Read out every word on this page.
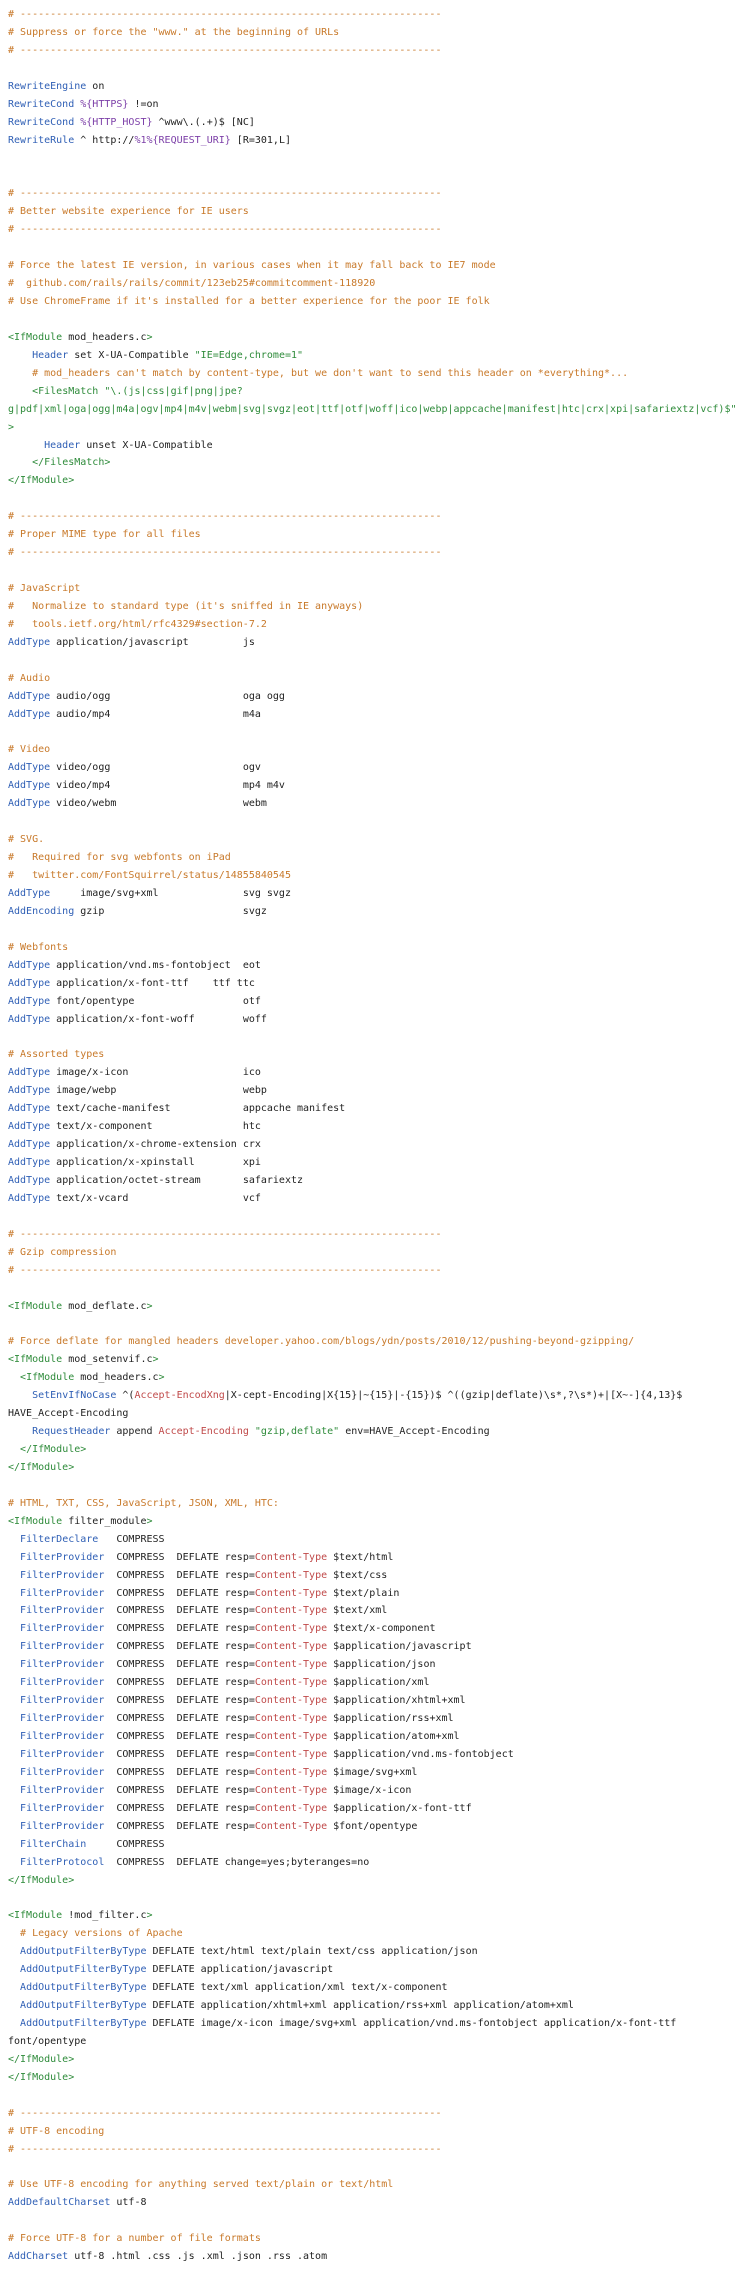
# ----------------------------------------------------------------------
# Suppress or force the "www." at the beginning of URLs
# ----------------------------------------------------------------------

RewriteEngine on
RewriteCond %{HTTPS} !=on
RewriteCond %{HTTP_HOST} ^www\.(.+)$ [NC]
RewriteRule ^ http://%1%{REQUEST_URI} [R=301,L]

# ----------------------------------------------------------------------
# Better website experience for IE users
# ----------------------------------------------------------------------

# Force the latest IE version, in various cases when it may fall back to IE7 mode
#  github.com/rails/rails/commit/123eb25#commitcomment-118920
# Use ChromeFrame if it's installed for a better experience for the poor IE folk

<IfModule mod_headers.c>
Header set X-UA-Compatible "IE=Edge,chrome=1"
# mod_headers can't match by content-type, but we don't want to send this header on *everything*...
<FilesMatch "\.(js|css|gif|png|jpe?
g|pdf|xml|oga|ogg|m4a|ogv|mp4|m4v|webm|svg|svgz|eot|ttf|otf|woff|ico|webp|appcache|manifest|htc|crx|xpi|safariextz|vcf)$"
>
Header unset X-UA-Compatible
</FilesMatch>
</IfModule>

# ----------------------------------------------------------------------
# Proper MIME type for all files
# ----------------------------------------------------------------------

# JavaScript
#   Normalize to standard type (it's sniffed in IE anyways)
#   tools.ietf.org/html/rfc4329#section-7.2
AddType application/javascript         js

# Audio
AddType audio/ogg                      oga ogg
AddType audio/mp4                      m4a

# Video
AddType video/ogg                      ogv
AddType video/mp4                      mp4 m4v
AddType video/webm                     webm

# SVG.
#   Required for svg webfonts on iPad
#   twitter.com/FontSquirrel/status/14855840545
AddType     image/svg+xml              svg svgz
AddEncoding gzip                       svgz

# Webfonts
AddType application/vnd.ms-fontobject  eot
AddType application/x-font-ttf    ttf ttc
AddType font/opentype                  otf
AddType application/x-font-woff        woff

# Assorted types
AddType image/x-icon                   ico
AddType image/webp                     webp
AddType text/cache-manifest            appcache manifest
AddType text/x-component               htc
AddType application/x-chrome-extension crx
AddType application/x-xpinstall        xpi
AddType application/octet-stream       safariextz
AddType text/x-vcard                   vcf

# ----------------------------------------------------------------------
# Gzip compression
# ----------------------------------------------------------------------

<IfModule mod_deflate.c>

# Force deflate for mangled headers developer.yahoo.com/blogs/ydn/posts/2010/12/pushing-beyond-gzipping/
<IfModule mod_setenvif.c>
<IfModule mod_headers.c>
SetEnvIfNoCase ^(Accept-EncodXng|X-cept-Encoding|X{15}|~{15}|-{15})$ ^((gzip|deflate)\s*,?\s*)+|[X~-]{4,13}$
HAVE_Accept-Encoding
RequestHeader append Accept-Encoding "gzip,deflate" env=HAVE_Accept-Encoding
</IfModule>
</IfModule>

# HTML, TXT, CSS, JavaScript, JSON, XML, HTC:
<IfModule filter_module>
FilterDeclare   COMPRESS
FilterProvider  COMPRESS  DEFLATE resp=Content-Type $text/html
FilterProvider  COMPRESS  DEFLATE resp=Content-Type $text/css
FilterProvider  COMPRESS  DEFLATE resp=Content-Type $text/plain
FilterProvider  COMPRESS  DEFLATE resp=Content-Type $text/xml
FilterProvider  COMPRESS  DEFLATE resp=Content-Type $text/x-component
FilterProvider  COMPRESS  DEFLATE resp=Content-Type $application/javascript
FilterProvider  COMPRESS  DEFLATE resp=Content-Type $application/json
FilterProvider  COMPRESS  DEFLATE resp=Content-Type $application/xml
FilterProvider  COMPRESS  DEFLATE resp=Content-Type $application/xhtml+xml
FilterProvider  COMPRESS  DEFLATE resp=Content-Type $application/rss+xml
FilterProvider  COMPRESS  DEFLATE resp=Content-Type $application/atom+xml
FilterProvider  COMPRESS  DEFLATE resp=Content-Type $application/vnd.ms-fontobject
FilterProvider  COMPRESS  DEFLATE resp=Content-Type $image/svg+xml
FilterProvider  COMPRESS  DEFLATE resp=Content-Type $image/x-icon
FilterProvider  COMPRESS  DEFLATE resp=Content-Type $application/x-font-ttf
FilterProvider  COMPRESS  DEFLATE resp=Content-Type $font/opentype
FilterChain     COMPRESS
FilterProtocol  COMPRESS  DEFLATE change=yes;byteranges=no
</IfModule>

<IfModule !mod_filter.c>
# Legacy versions of Apache
AddOutputFilterByType DEFLATE text/html text/plain text/css application/json
AddOutputFilterByType DEFLATE application/javascript
AddOutputFilterByType DEFLATE text/xml application/xml text/x-component
AddOutputFilterByType DEFLATE application/xhtml+xml application/rss+xml application/atom+xml
AddOutputFilterByType DEFLATE image/x-icon image/svg+xml application/vnd.ms-fontobject application/x-font-ttf
font/opentype
</IfModule>
</IfModule>

# ----------------------------------------------------------------------
# UTF-8 encoding
# ----------------------------------------------------------------------

# Use UTF-8 encoding for anything served text/plain or text/html
AddDefaultCharset utf-8

# Force UTF-8 for a number of file formats
AddCharset utf-8 .html .css .js .xml .json .rss .atom
